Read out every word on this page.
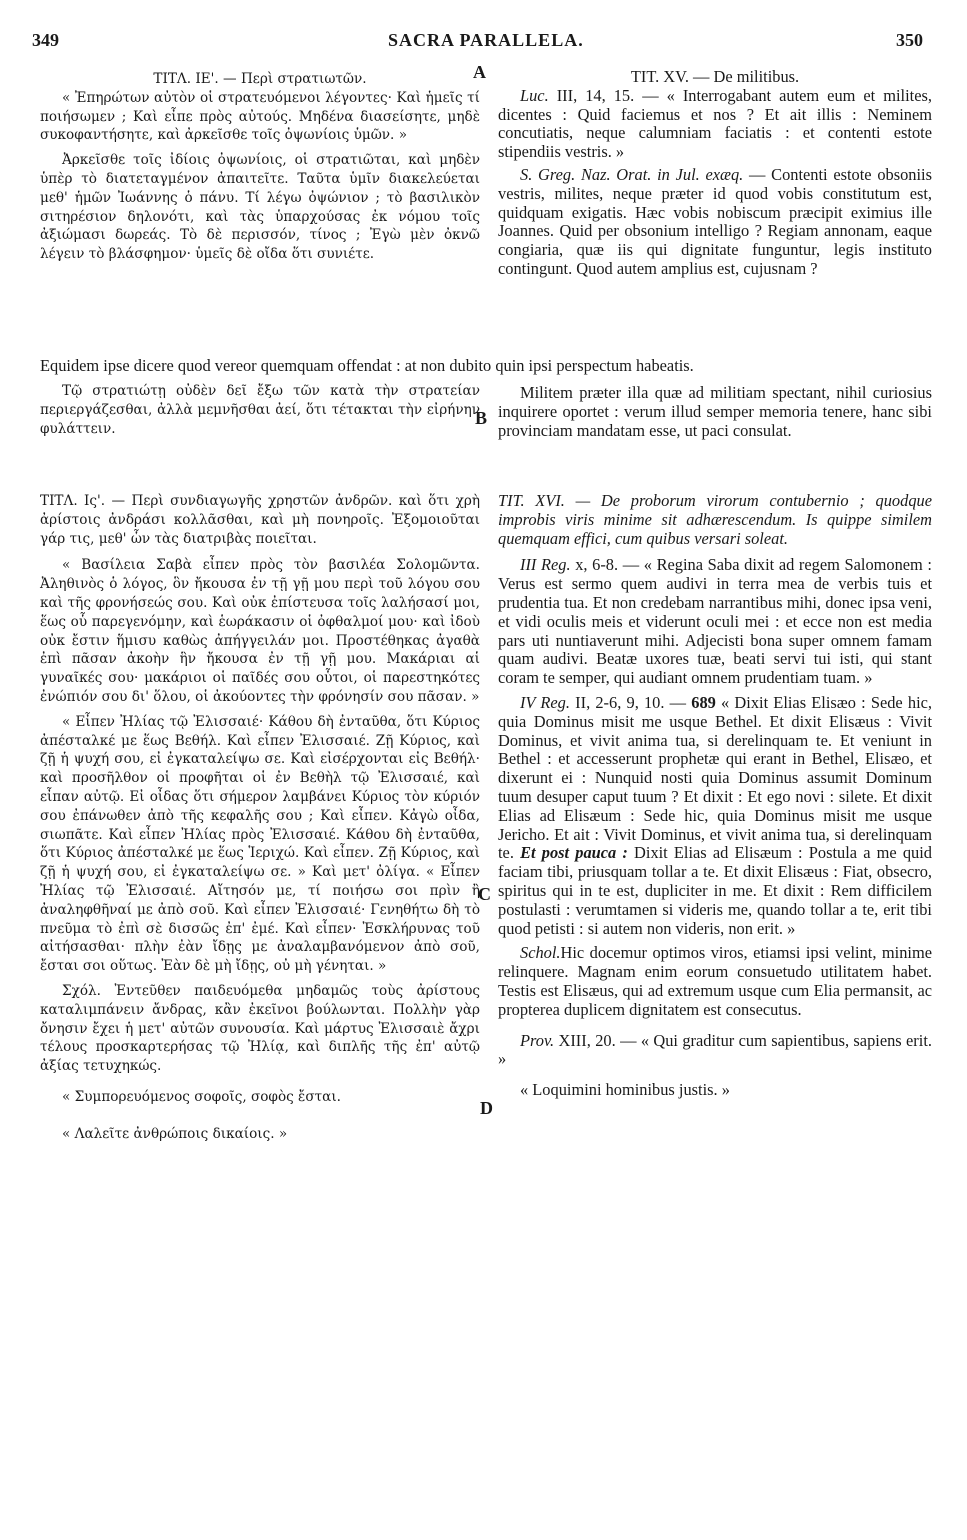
349	SACRA PARALLELA.	350
A
B
C
D

ΤΙΤΛ. ΙΕ'. — Περὶ στρατιωτῶν.

« Ἐπηρώτων αὐτὸν οἱ στρατευόμενοι λέγοντες· Καὶ ἡμεῖς τί ποιήσωμεν ; Καὶ εἶπε πρὸς αὐτούς. Μηδένα διασείσητε, μηδὲ συκοφαντήσητε, καὶ ἀρκεῖσθε τοῖς ὀψωνίοις ὑμῶν. »

Ἀρκεῖσθε τοῖς ἰδίοις ὀψωνίοις, οἱ στρατιῶται, καὶ μηδὲν ὑπὲρ τὸ διατεταγμένον ἀπαιτεῖτε. Ταῦτα ὑμῖν διακελεύεται μεθ' ἡμῶν Ἰωάννης ὁ πάνυ. Τί λέγω ὀψώνιον ; τὸ βασιλικὸν σιτηρέσιον δηλονότι, καὶ τὰς ὑπαρχούσας ἐκ νόμου τοῖς ἀξιώμασι δωρεάς. Τὸ δὲ περισσόν, τίνος ; Ἐγὼ μὲν ὀκνῶ λέγειν τὸ βλάσφημον· ὑμεῖς δὲ οἴδα ὅτι συνιέτε.

TIT. XV. — De militibus.

Luc. III, 14, 15. — « Interrogabant autem eum et milites, dicentes : Quid faciemus et nos ? Et ait illis : Neminem concutiatis, neque calumniam faciatis : et contenti estote stipendiis vestris. »

S. Greg. Naz. Orat. in Jul. exæq. — Contenti estote obsoniis vestris, milites, neque præter id quod vobis constitutum est, quidquam exigatis. Hæc vobis nobiscum præcipit eximius ille Joannes. Quid per obsonium intelligo ? Regiam annonam, eaque congiaria, quæ iis qui dignitate funguntur, legis instituto contingunt. Quod autem amplius est, cujusnam ?

Equidem ipse dicere quod vereor quemquam offendat : at non dubito quin ipsi perspectum habeatis.

Τῷ στρατιώτῃ οὐδὲν δεῖ ἔξω τῶν κατὰ τὴν στρατείαν περιεργάζεσθαι, ἀλλὰ μεμνῆσθαι ἀεί, ὅτι τέτακται τὴν εἰρήνην φυλάττειν.

Militem præter illa quæ ad militiam spectant, nihil curiosius inquirere oportet : verum illud semper memoria tenere, hanc sibi provinciam mandatam esse, ut paci consulat.

ΤΙΤΛ. Ις'. — Περὶ συνδιαγωγῆς χρηστῶν ἀνδρῶν. καὶ ὅτι χρὴ ἀρίστοις ἀνδράσι κολλᾶσθαι, καὶ μὴ πονηροῖς. Ἐξομοιοῦται γάρ τις, μεθ' ὧν τὰς διατριβὰς ποιεῖται.

« Βασίλεια Σαβὰ εἶπεν πρὸς τὸν βασιλέα Σολομῶντα. Ἀληθινὸς ὁ λόγος, ὃν ἤκουσα ἐν τῇ γῇ μου περὶ τοῦ λόγου σου καὶ τῆς φρονήσεώς σου. Καὶ οὐκ ἐπίστευσα τοῖς λαλήσασί μοι, ἕως οὗ παρεγενόμην, καὶ ἑωράκασιν οἱ ὀφθαλμοί μου· καὶ ἰδοὺ οὐκ ἔστιν ἥμισυ καθὼς ἀπήγγειλάν μοι. Προστέθηκας ἀγαθὰ ἐπὶ πᾶσαν ἀκοὴν ἣν ἤκουσα ἐν τῇ γῇ μου. Μακάριαι αἱ γυναῖκές σου· μακάριοι οἱ παῖδές σου οὗτοι, οἱ παρεστηκότες ἐνώπιόν σου δι' ὅλου, οἱ ἀκούοντες τὴν φρόνησίν σου πᾶσαν. »

« Εἶπεν Ἠλίας τῷ Ἐλισσαιέ· Κάθου δὴ ἐνταῦθα, ὅτι Κύριος ἀπέσταλκέ με ἕως Βεθήλ. Καὶ εἶπεν Ἐλισσαιέ. Ζῇ Κύριος, καὶ ζῇ ἡ ψυχή σου, εἰ ἐγκαταλείψω σε. Καὶ εἰσέρχονται εἰς Βεθήλ· καὶ προσῆλθον οἱ προφῆται οἱ ἐν Βεθὴλ τῷ Ἐλισσαιέ, καὶ εἶπαν αὐτῷ. Εἰ οἶδας ὅτι σήμερον λαμβάνει Κύριος τὸν κύριόν σου ἐπάνωθεν ἀπὸ τῆς κεφαλῆς σου ; Καὶ εἶπεν. Κἀγὼ οἶδα, σιωπᾶτε. Καὶ εἶπεν Ἠλίας πρὸς Ἐλισσαιέ. Κάθου δὴ ἐνταῦθα, ὅτι Κύριος ἀπέσταλκέ με ἕως Ἱεριχώ. Καὶ εἶπεν. Ζῇ Κύριος, καὶ ζῇ ἡ ψυχή σου, εἰ ἐγκαταλείψω σε. » Καὶ μετ' ὀλίγα. « Εἶπεν Ἠλίας τῷ Ἐλισσαιέ. Αἴτησόν με, τί ποιήσω σοι πρὶν ἢ ἀναληφθῆναί με ἀπὸ σοῦ. Καὶ εἶπεν Ἐλισσαιέ· Γενηθήτω δὴ τὸ πνεῦμα τὸ ἐπὶ σὲ δισσῶς ἐπ' ἐμέ. Καὶ εἶπεν· Ἐσκλήρυνας τοῦ αἰτήσασθαι· πλὴν ἐὰν ἴδῃς με ἀναλαμβανόμενον ἀπὸ σοῦ, ἔσται σοι οὕτως. Ἐὰν δὲ μὴ ἴδῃς, οὐ μὴ γένηται. »

Σχόλ. Ἐντεῦθεν παιδευόμεθα μηδαμῶς τοὺς ἀρίστους καταλιμπάνειν ἄνδρας, κἂν ἐκεῖνοι βούλωνται. Πολλὴν γὰρ ὄνησιν ἔχει ἡ μετ' αὐτῶν συνουσία. Καὶ μάρτυς Ἐλισσαιὲ ἄχρι τέλους προσκαρτερήσας τῷ Ἠλίᾳ, καὶ διπλῆς τῆς ἐπ' αὐτῷ ἀξίας τετυχηκώς.

« Συμπορευόμενος σοφοῖς, σοφὸς ἔσται.

« Λαλεῖτε ἀνθρώποις δικαίοις. »

TIT. XVI. — De proborum virorum contubernio ; quodque improbis viris minime sit adhærescendum. Is quippe similem quemquam effici, cum quibus versari soleat.

III Reg. x, 6-8. — « Regina Saba dixit ad regem Salomonem : Verus est sermo quem audivi in terra mea de verbis tuis et prudentia tua. Et non credebam narrantibus mihi, donec ipsa veni, et vidi oculis meis et viderunt oculi mei : et ecce non est media pars uti nuntiaverunt mihi. Adjecisti bona super omnem famam quam audivi. Beatæ uxores tuæ, beati servi tui isti, qui stant coram te semper, qui audiant omnem prudentiam tuam. »

IV Reg. II, 2-6, 9, 10. — 689 « Dixit Elias Elisæo : Sede hic, quia Dominus misit me usque Bethel. Et dixit Elisæus : Vivit Dominus, et vivit anima tua, si derelinquam te. Et veniunt in Bethel : et accesserunt prophetæ qui erant in Bethel, Elisæo, et dixerunt ei : Nunquid nosti quia Dominus assumit Dominum tuum desuper caput tuum ? Et dixit : Et ego novi : silete. Et dixit Elias ad Elisæum : Sede hic, quia Dominus misit me usque Jericho. Et ait : Vivit Dominus, et vivit anima tua, si derelinquam te. Et post pauca : Dixit Elias ad Elisæum : Postula a me quid faciam tibi, priusquam tollar a te. Et dixit Elisæus : Fiat, obsecro, spiritus qui in te est, dupliciter in me. Et dixit : Rem difficilem postulasti : verumtamen si videris me, quando tollar a te, erit tibi quod petisti : si autem non videris, non erit. »

Schol.Hic docemur optimos viros, etiamsi ipsi velint, minime relinquere. Magnam enim eorum consuetudo utilitatem habet. Testis est Elisæus, qui ad extremum usque cum Elia permansit, ac propterea duplicem dignitatem est consecutus.

Prov. XIII, 20. — « Qui graditur cum sapientibus, sapiens erit. »

« Loquimini hominibus justis. »
